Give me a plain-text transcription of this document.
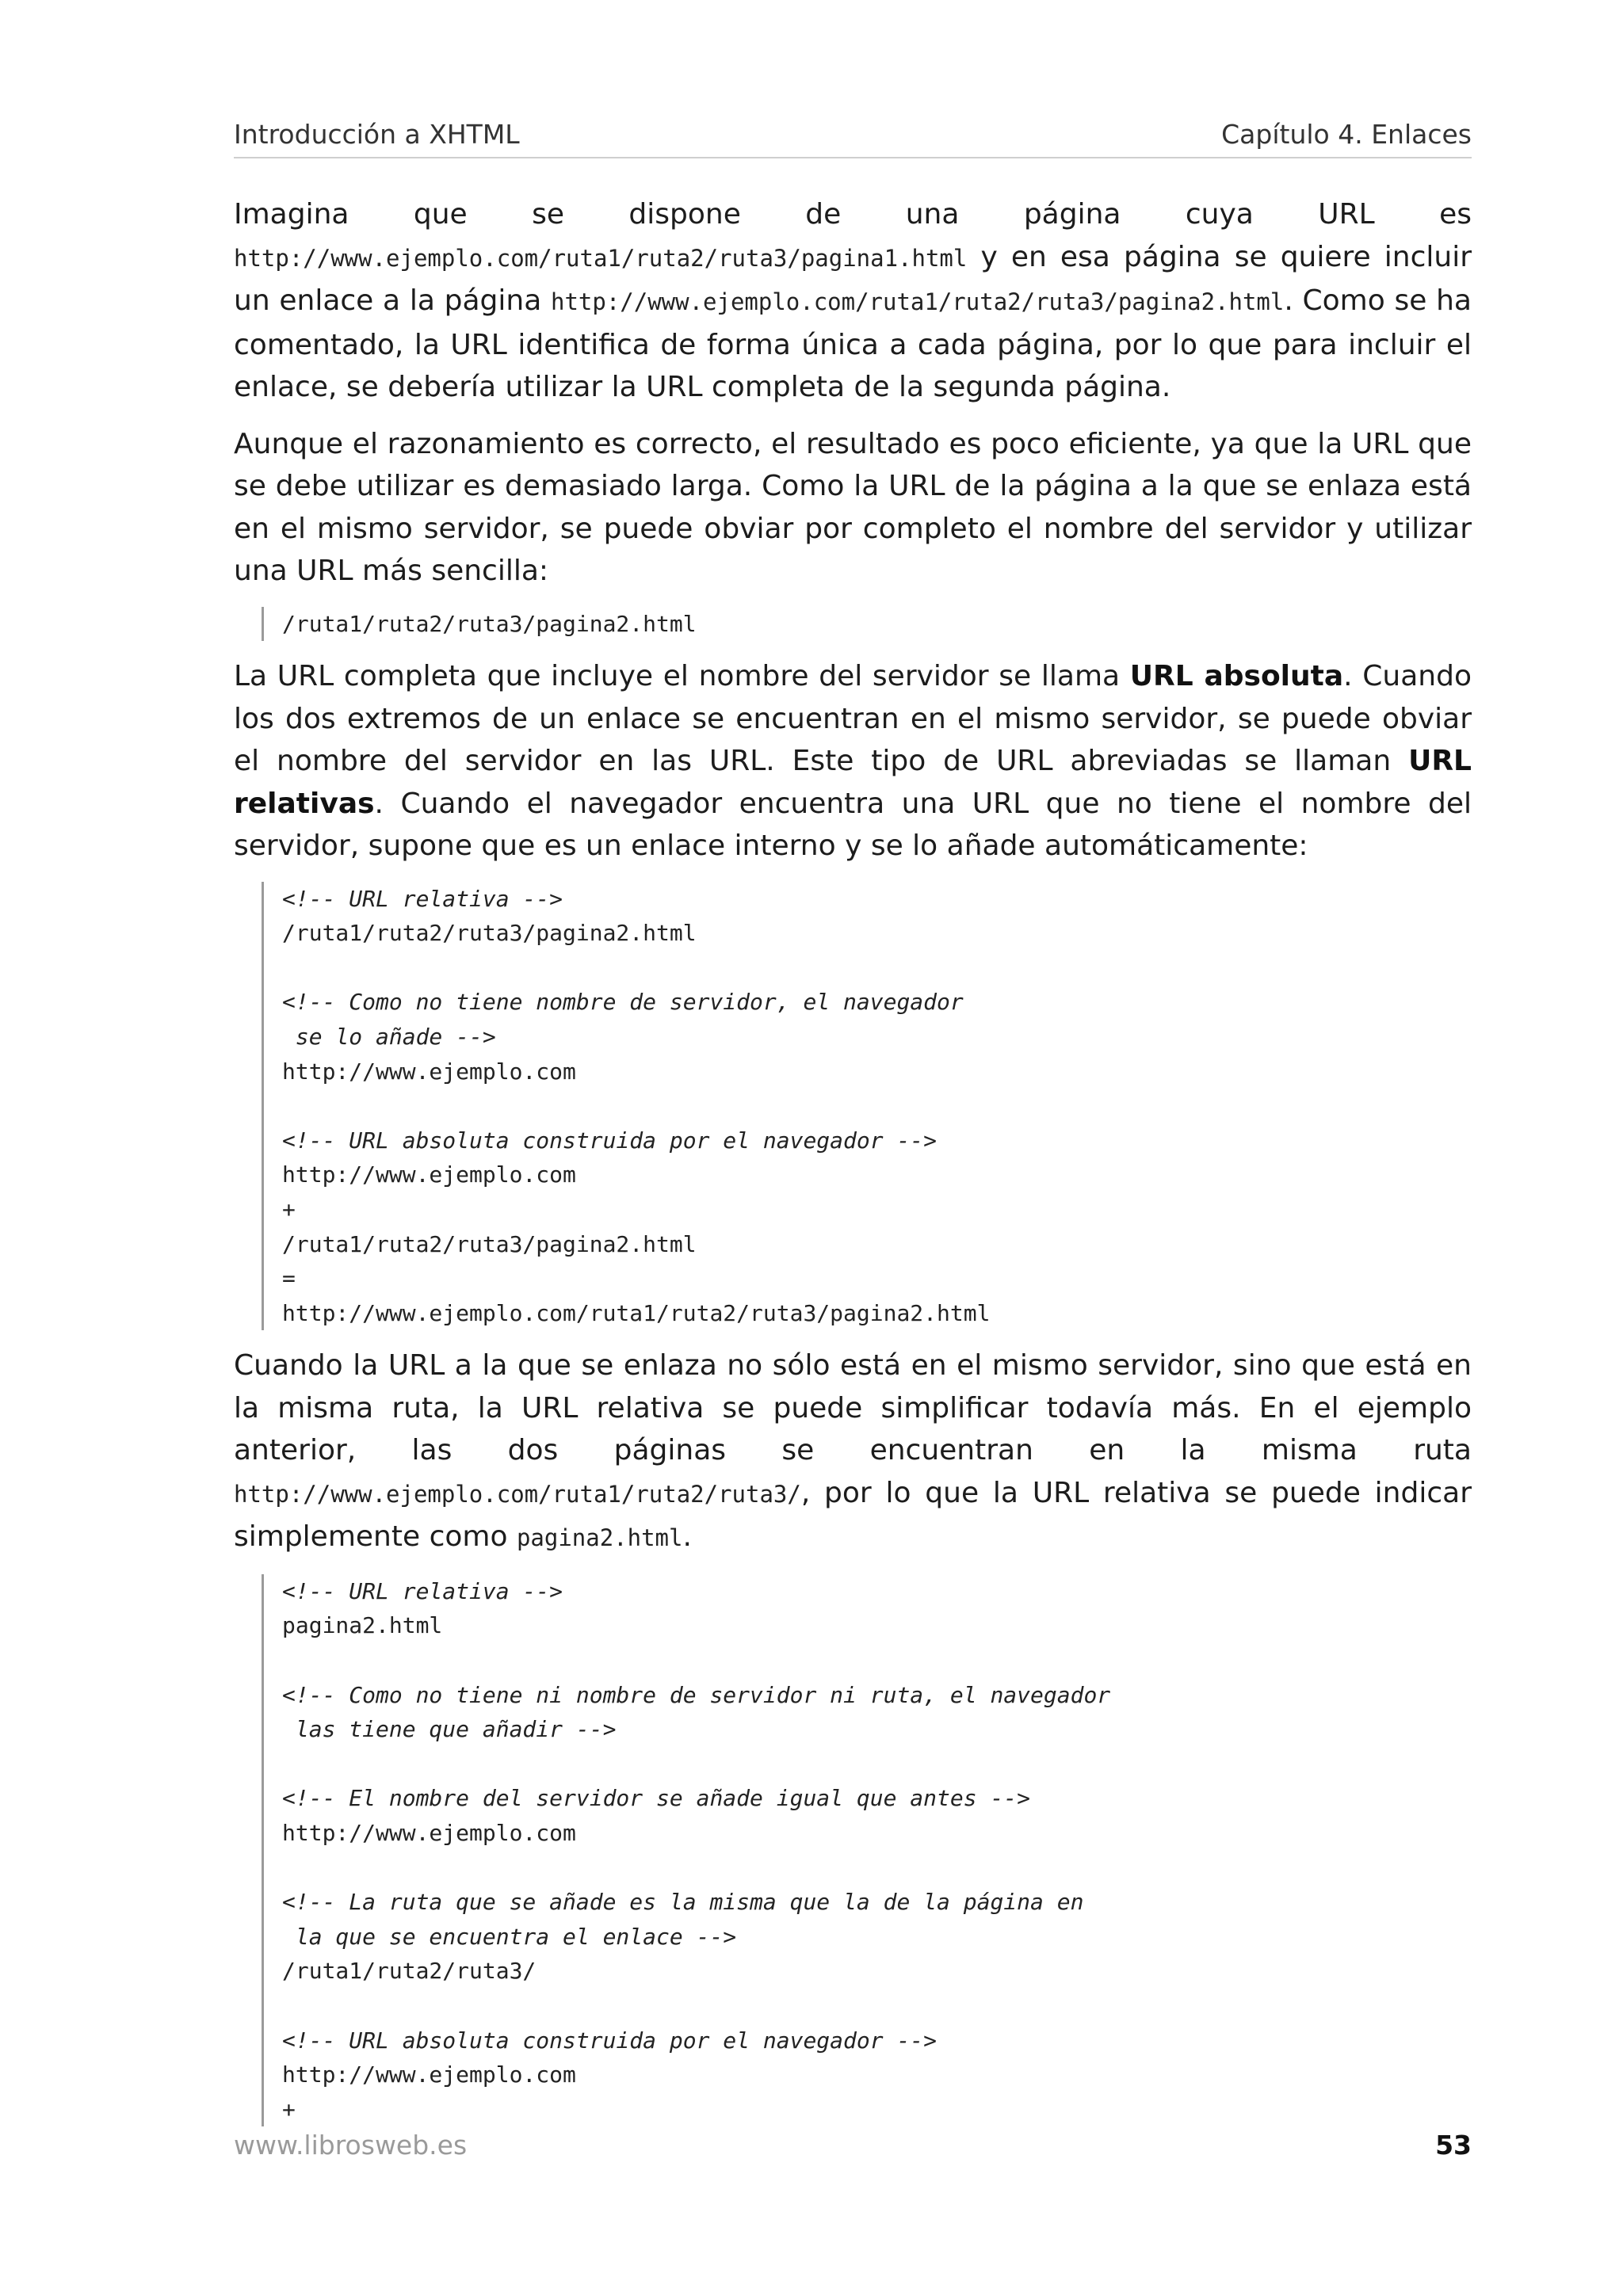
Introducción a XHTML	Capítulo 4. Enlaces

Imagina que se dispone de una página cuya URL es http://www.ejemplo.com/ruta1/ruta2/ruta3/pagina1.html y en esa página se quiere incluir un enlace a la página http://www.ejemplo.com/ruta1/ruta2/ruta3/pagina2.html. Como se ha comentado, la URL identifica de forma única a cada página, por lo que para incluir el enlace, se debería utilizar la URL completa de la segunda página.

Aunque el razonamiento es correcto, el resultado es poco eficiente, ya que la URL que se debe utilizar es demasiado larga. Como la URL de la página a la que se enlaza está en el mismo servidor, se puede obviar por completo el nombre del servidor y utilizar una URL más sencilla:

/ruta1/ruta2/ruta3/pagina2.html

La URL completa que incluye el nombre del servidor se llama URL absoluta. Cuando los dos extremos de un enlace se encuentran en el mismo servidor, se puede obviar el nombre del servidor en las URL. Este tipo de URL abreviadas se llaman URL relativas. Cuando el navegador encuentra una URL que no tiene el nombre del servidor, supone que es un enlace interno y se lo añade automáticamente:

<!-- URL relativa -->
/ruta1/ruta2/ruta3/pagina2.html
<!-- Como no tiene nombre de servidor, el navegador
se lo añade -->
http://www.ejemplo.com
<!-- URL absoluta construida por el navegador -->
http://www.ejemplo.com
+
/ruta1/ruta2/ruta3/pagina2.html
=
http://www.ejemplo.com/ruta1/ruta2/ruta3/pagina2.html

Cuando la URL a la que se enlaza no sólo está en el mismo servidor, sino que está en la misma ruta, la URL relativa se puede simplificar todavía más. En el ejemplo anterior, las dos páginas se encuentran en la misma ruta http://www.ejemplo.com/ruta1/ruta2/ruta3/, por lo que la URL relativa se puede indicar simplemente como pagina2.html.

<!-- URL relativa -->
pagina2.html
<!-- Como no tiene ni nombre de servidor ni ruta, el navegador
las tiene que añadir -->
<!-- El nombre del servidor se añade igual que antes -->
http://www.ejemplo.com
<!-- La ruta que se añade es la misma que la de la página en
la que se encuentra el enlace -->
/ruta1/ruta2/ruta3/
<!-- URL absoluta construida por el navegador -->
http://www.ejemplo.com
+
www.librosweb.es	53
